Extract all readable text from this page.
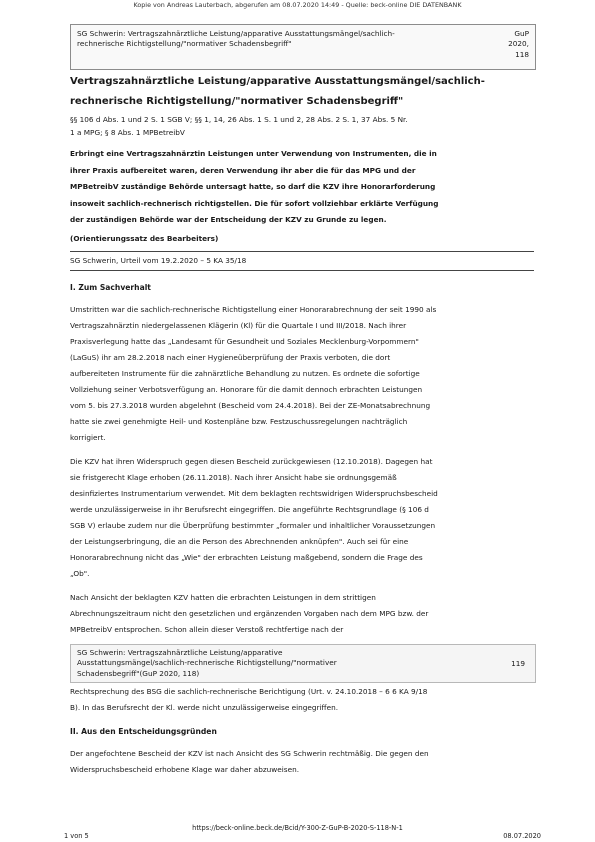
Kopie von Andreas Lauterbach, abgerufen am 08.07.2020 14:49 - Quelle: beck-online DIE DATENBANK
SG Schwerin: Vertragszahnärztliche Leistung/apparative Ausstattungsmängel/sachlich-
rechnerische Richtigstellung/"normativer Schadensbegriff"
GuP
2020,
118
Vertragszahnärztliche Leistung/apparative Ausstattungsmängel/sachlich-
rechnerische Richtigstellung/"normativer Schadensbegriff"
§§ 106 d Abs. 1 und 2 S. 1 SGB V; §§ 1, 14, 26 Abs. 1 S. 1 und 2, 28 Abs. 2 S. 1, 37 Abs. 5 Nr.
1 a MPG; § 8 Abs. 1 MPBetreibV
Erbringt eine Vertragszahnärztin Leistungen unter Verwendung von Instrumenten, die in
ihrer Praxis aufbereitet waren, deren Verwendung ihr aber die für das MPG und der
MPBetreibV zuständige Behörde untersagt hatte, so darf die KZV ihre Honorarforderung
insoweit sachlich-rechnerisch richtigstellen. Die für sofort vollziehbar erklärte Verfügung
der zuständigen Behörde war der Entscheidung der KZV zu Grunde zu legen.
(Orientierungssatz des Bearbeiters)
SG Schwerin, Urteil vom 19.2.2020 – 5 KA 35/18
I. Zum Sachverhalt
Umstritten war die sachlich-rechnerische Richtigstellung einer Honorarabrechnung der seit 1990 als
Vertragszahnärztin niedergelassenen Klägerin (Kl) für die Quartale I und III/2018. Nach ihrer
Praxisverlegung hatte das „Landesamt für Gesundheit und Soziales Mecklenburg-Vorpommern"
(LaGuS) ihr am 28.2.2018 nach einer Hygieneüberprüfung der Praxis verboten, die dort
aufbereiteten Instrumente für die zahnärztliche Behandlung zu nutzen. Es ordnete die sofortige
Vollziehung seiner Verbotsverfügung an. Honorare für die damit dennoch erbrachten Leistungen
vom 5. bis 27.3.2018 wurden abgelehnt (Bescheid vom 24.4.2018). Bei der ZE-Monatsabrechnung
hatte sie zwei genehmigte Heil- und Kostenpläne bzw. Festzuschussregelungen nachträglich
korrigiert.
Die KZV hat ihren Widerspruch gegen diesen Bescheid zurückgewiesen (12.10.2018). Dagegen hat
sie fristgerecht Klage erhoben (26.11.2018). Nach ihrer Ansicht habe sie ordnungsgemäß
desinfiziertes Instrumentarium verwendet. Mit dem beklagten rechtswidrigen Widerspruchsbescheid
werde unzulässigerweise in ihr Berufsrecht eingegriffen. Die angeführte Rechtsgrundlage (§ 106 d
SGB V) erlaube zudem nur die Überprüfung bestimmter „formaler und inhaltlicher Voraussetzungen
der Leistungserbringung, die an die Person des Abrechnenden anknüpfen". Auch sei für eine
Honorarabrechnung nicht das „Wie" der erbrachten Leistung maßgebend, sondern die Frage des
„Ob".
Nach Ansicht der beklagten KZV hatten die erbrachten Leistungen in dem strittigen
Abrechnungszeitraum nicht den gesetzlichen und ergänzenden Vorgaben nach dem MPG bzw. der
MPBetreibV entsprochen. Schon allein dieser Verstoß rechtfertige nach der
SG Schwerin: Vertragszahnärztliche Leistung/apparative
Ausstattungsmängel/sachlich-rechnerische Richtigstellung/"normativer
Schadensbegriff"(GuP 2020, 118)
119
Rechtsprechung des BSG die sachlich-rechnerische Berichtigung (Urt. v. 24.10.2018 – 6 6 KA 9/18
B). In das Berufsrecht der Kl. werde nicht unzulässigerweise eingegriffen.
II. Aus den Entscheidungsgründen
Der angefochtene Bescheid der KZV ist nach Ansicht des SG Schwerin rechtmäßig. Die gegen den
Widerspruchsbescheid erhobene Klage war daher abzuweisen.
https://beck-online.beck.de/Bcid/Y-300-Z-GuP-B-2020-S-118-N-1
1 von 5	08.07.2020
